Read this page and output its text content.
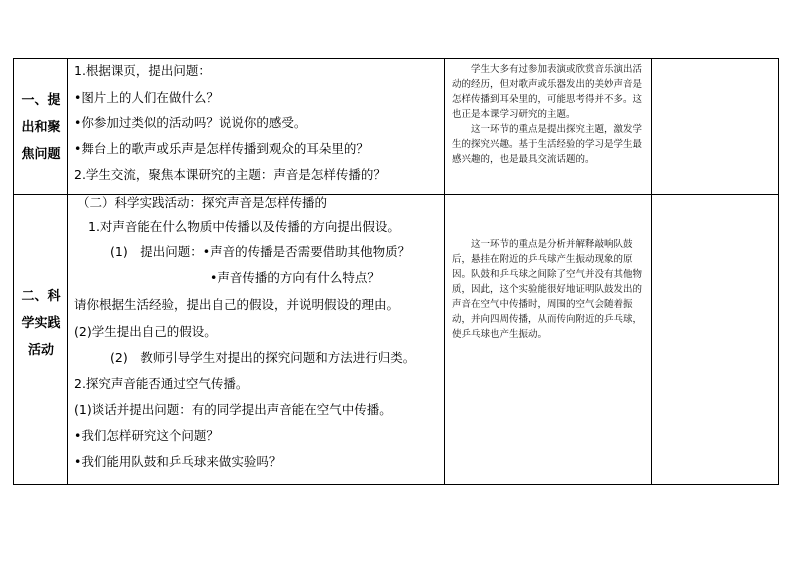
一、提
出和聚
焦问题
1.根据课页，提出问题：
•图片上的人们在做什么？
•你参加过类似的活动吗？说说你的感受。
•舞台上的歌声或乐声是怎样传播到观众的耳朵里的？
2.学生交流，聚焦本课研究的主题：声音是怎样传播的？

学生大多有过参加表演或欣赏音乐演出活动的经历，但对歌声或乐器发出的美妙声音是怎样传播到耳朵里的，可能思考得并不多。这也正是本课学习研究的主题。

这一环节的重点是提出探究主题，激发学生的探究兴趣。基于生活经验的学习是学生最感兴趣的，也是最具交流话题的。

二、科
学实践
活动
（二）科学实践活动：探究声音是怎样传播的
1.对声音能在什么物质中传播以及传播的方向提出假设。
(1)　提出问题：•声音的传播是否需要借助其他物质？
•声音传播的方向有什么特点？
请你根据生活经验，提出自己的假设，并说明假设的理由。
(2)学生提出自己的假设。
(2)　教师引导学生对提出的探究问题和方法进行归类。
2.探究声音能否通过空气传播。
(1)谈话并提出问题：有的同学提出声音能在空气中传播。
•我们怎样研究这个问题？
•我们能用队鼓和乒乓球来做实验吗？

这一环节的重点是分析并解释敲响队鼓后，悬挂在附近的乒乓球产生振动现象的原因。队鼓和乒乓球之间除了空气并没有其他物质，因此，这个实验能很好地证明队鼓发出的声音在空气中传播时，周围的空气会随着振动，并向四周传播，从而传向附近的乒乓球，使乒乓球也产生振动。
